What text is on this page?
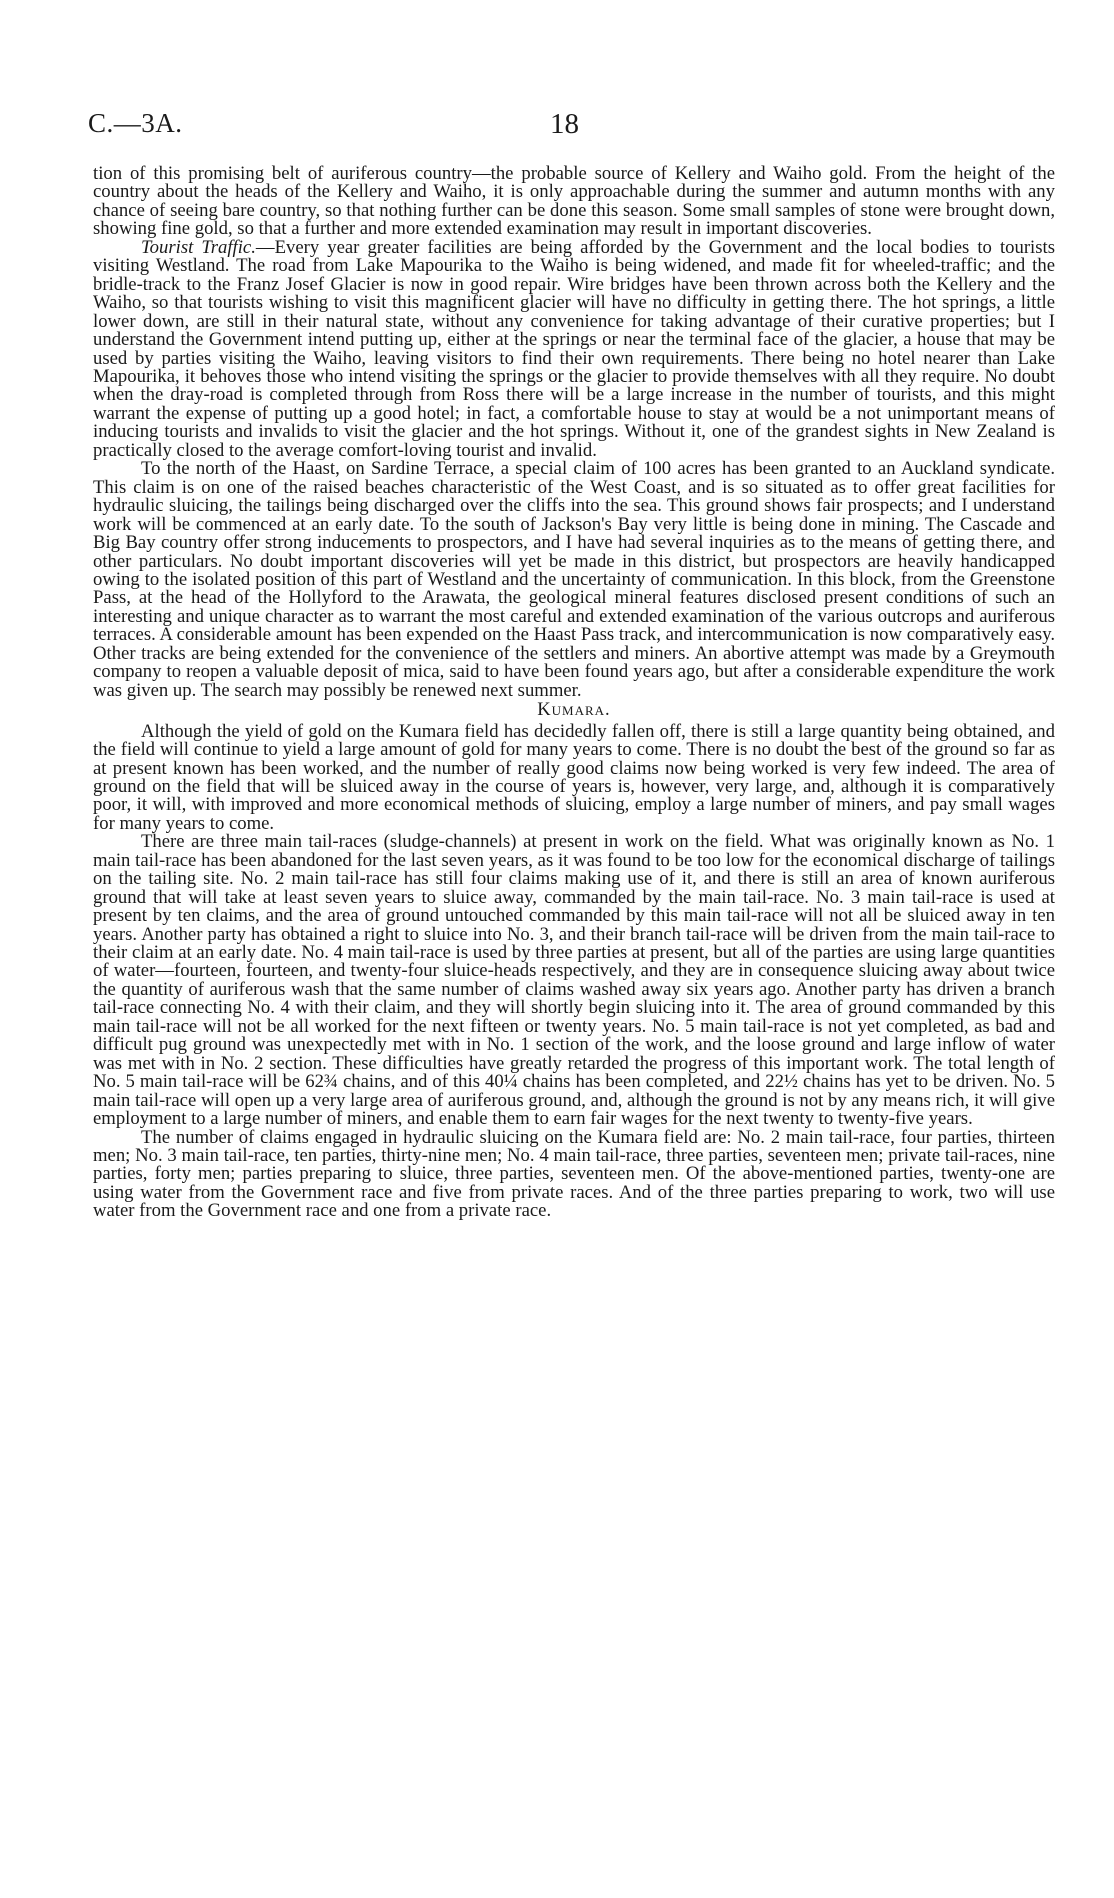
C.—3A.	18

tion of this promising belt of auriferous country—the probable source of Kellery and Waiho gold. From the height of the country about the heads of the Kellery and Waiho, it is only approachable during the summer and autumn months with any chance of seeing bare country, so that nothing further can be done this season. Some small samples of stone were brought down, showing fine gold, so that a further and more extended examination may result in important discoveries.

Tourist Traffic.—Every year greater facilities are being afforded by the Government and the local bodies to tourists visiting Westland. The road from Lake Mapourika to the Waiho is being widened, and made fit for wheeled-traffic; and the bridle-track to the Franz Josef Glacier is now in good repair. Wire bridges have been thrown across both the Kellery and the Waiho, so that tourists wishing to visit this magnificent glacier will have no difficulty in getting there. The hot springs, a little lower down, are still in their natural state, without any convenience for taking advantage of their curative properties; but I understand the Government intend putting up, either at the springs or near the terminal face of the glacier, a house that may be used by parties visiting the Waiho, leaving visitors to find their own requirements. There being no hotel nearer than Lake Mapourika, it behoves those who intend visiting the springs or the glacier to provide themselves with all they require. No doubt when the dray-road is completed through from Ross there will be a large increase in the number of tourists, and this might warrant the expense of putting up a good hotel; in fact, a comfortable house to stay at would be a not unimportant means of inducing tourists and invalids to visit the glacier and the hot springs. Without it, one of the grandest sights in New Zealand is practically closed to the average comfort-loving tourist and invalid.

To the north of the Haast, on Sardine Terrace, a special claim of 100 acres has been granted to an Auckland syndicate. This claim is on one of the raised beaches characteristic of the West Coast, and is so situated as to offer great facilities for hydraulic sluicing, the tailings being discharged over the cliffs into the sea. This ground shows fair prospects; and I understand work will be commenced at an early date. To the south of Jackson's Bay very little is being done in mining. The Cascade and Big Bay country offer strong inducements to prospectors, and I have had several inquiries as to the means of getting there, and other particulars. No doubt important discoveries will yet be made in this district, but prospectors are heavily handicapped owing to the isolated position of this part of Westland and the uncertainty of communication. In this block, from the Greenstone Pass, at the head of the Hollyford to the Arawata, the geological mineral features disclosed present conditions of such an interesting and unique character as to warrant the most careful and extended examination of the various outcrops and auriferous terraces. A considerable amount has been expended on the Haast Pass track, and intercommunication is now comparatively easy. Other tracks are being extended for the convenience of the settlers and miners. An abortive attempt was made by a Greymouth company to reopen a valuable deposit of mica, said to have been found years ago, but after a considerable expenditure the work was given up. The search may possibly be renewed next summer.

Kumara.

Although the yield of gold on the Kumara field has decidedly fallen off, there is still a large quantity being obtained, and the field will continue to yield a large amount of gold for many years to come. There is no doubt the best of the ground so far as at present known has been worked, and the number of really good claims now being worked is very few indeed. The area of ground on the field that will be sluiced away in the course of years is, however, very large, and, although it is comparatively poor, it will, with improved and more economical methods of sluicing, employ a large number of miners, and pay small wages for many years to come.

There are three main tail-races (sludge-channels) at present in work on the field. What was originally known as No. 1 main tail-race has been abandoned for the last seven years, as it was found to be too low for the economical discharge of tailings on the tailing site. No. 2 main tail-race has still four claims making use of it, and there is still an area of known auriferous ground that will take at least seven years to sluice away, commanded by the main tail-race. No. 3 main tail-race is used at present by ten claims, and the area of ground untouched commanded by this main tail-race will not all be sluiced away in ten years. Another party has obtained a right to sluice into No. 3, and their branch tail-race will be driven from the main tail-race to their claim at an early date. No. 4 main tail-race is used by three parties at present, but all of the parties are using large quantities of water—fourteen, fourteen, and twenty-four sluice-heads respectively, and they are in consequence sluicing away about twice the quantity of auriferous wash that the same number of claims washed away six years ago. Another party has driven a branch tail-race connecting No. 4 with their claim, and they will shortly begin sluicing into it. The area of ground commanded by this main tail-race will not be all worked for the next fifteen or twenty years. No. 5 main tail-race is not yet completed, as bad and difficult pug ground was unexpectedly met with in No. 1 section of the work, and the loose ground and large inflow of water was met with in No. 2 section. These difficulties have greatly retarded the progress of this important work. The total length of No. 5 main tail-race will be 62¾ chains, and of this 40¼ chains has been completed, and 22½ chains has yet to be driven. No. 5 main tail-race will open up a very large area of auriferous ground, and, although the ground is not by any means rich, it will give employment to a large number of miners, and enable them to earn fair wages for the next twenty to twenty-five years.

The number of claims engaged in hydraulic sluicing on the Kumara field are: No. 2 main tail-race, four parties, thirteen men; No. 3 main tail-race, ten parties, thirty-nine men; No. 4 main tail-race, three parties, seventeen men; private tail-races, nine parties, forty men; parties preparing to sluice, three parties, seventeen men. Of the above-mentioned parties, twenty-one are using water from the Government race and five from private races. And of the three parties preparing to work, two will use water from the Government race and one from a private race.
